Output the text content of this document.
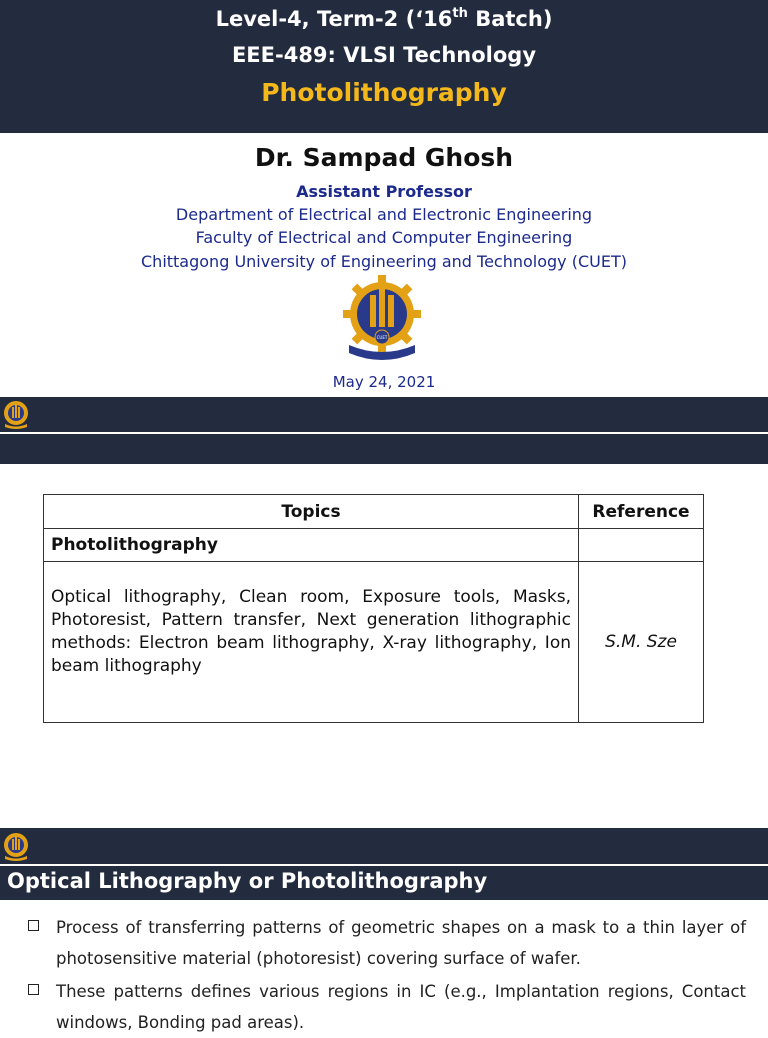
Level-4, Term-2 (‘16th Batch)
EEE-489: VLSI Technology
Photolithography
Dr. Sampad Ghosh
Assistant Professor
Department of Electrical and Electronic Engineering
Faculty of Electrical and Computer Engineering
Chittagong University of Engineering and Technology (CUET)
CUET
May 24, 2021
Topics	Reference
Photolithography	
Optical lithography, Clean room, Exposure tools, Masks, Photoresist, Pattern transfer, Next generation lithographic methods: Electron beam lithography, X-ray lithography, Ion beam lithography	S.M. Sze
Optical Lithography or Photolithography
Process of transferring patterns of geometric shapes on a mask to a thin layer of photosensitive material (photoresist) covering surface of wafer.
These patterns defines various regions in IC (e.g., Implantation regions, Contact windows, Bonding pad areas).
